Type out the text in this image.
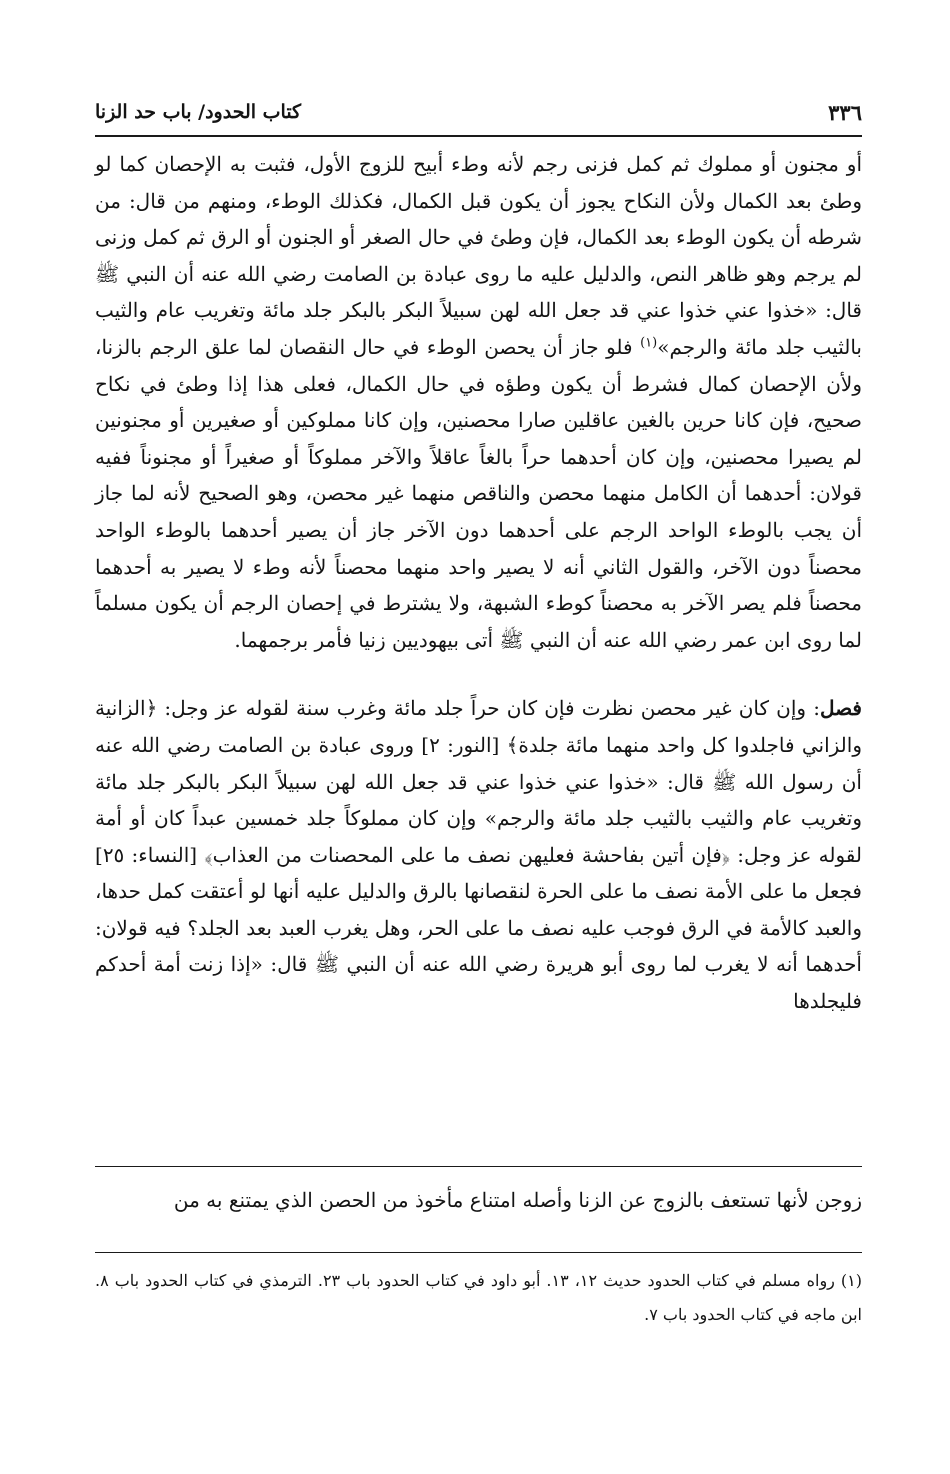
٣٣٦
كتاب الحدود/ باب حد الزنا

أو مجنون أو مملوك ثم كمل فزنى رجم لأنه وطء أبيح للزوج الأول، فثبت به الإحصان كما لو وطئ بعد الكمال ولأن النكاح يجوز أن يكون قبل الكمال، فكذلك الوطء، ومنهم من قال: من شرطه أن يكون الوطء بعد الكمال، فإن وطئ في حال الصغر أو الجنون أو الرق ثم كمل وزنى لم يرجم وهو ظاهر النص، والدليل عليه ما روى عبادة بن الصامت رضي الله عنه أن النبي ﷺ قال: «خذوا عني خذوا عني قد جعل الله لهن سبيلاً البكر بالبكر جلد مائة وتغريب عام والثيب بالثيب جلد مائة والرجم»$^{(١)}$ فلو جاز أن يحصن الوطء في حال النقصان لما علق الرجم بالزنا، ولأن الإحصان كمال فشرط أن يكون وطؤه في حال الكمال، فعلى هذا إذا وطئ في نكاح صحيح، فإن كانا حرين بالغين عاقلين صارا محصنين، وإن كانا مملوكين أو صغيرين أو مجنونين لم يصيرا محصنين، وإن كان أحدهما حراً بالغاً عاقلاً والآخر مملوكاً أو صغيراً أو مجنوناً ففيه قولان: أحدهما أن الكامل منهما محصن والناقص منهما غير محصن، وهو الصحيح لأنه لما جاز أن يجب بالوطء الواحد الرجم على أحدهما دون الآخر جاز أن يصير أحدهما بالوطء الواحد محصناً دون الآخر، والقول الثاني أنه لا يصير واحد منهما محصناً لأنه وطء لا يصير به أحدهما محصناً فلم يصر الآخر به محصناً كوطء الشبهة، ولا يشترط في إحصان الرجم أن يكون مسلماً لما روى ابن عمر رضي الله عنه أن النبي ﷺ أتى بيهوديين زنيا فأمر برجمهما.

فصل: وإن كان غير محصن نظرت فإن كان حراً جلد مائة وغرب سنة لقوله عز وجل: ﴿الزانية والزاني فاجلدوا كل واحد منهما مائة جلدة﴾ [النور: ٢] وروى عبادة بن الصامت رضي الله عنه أن رسول الله ﷺ قال: «خذوا عني خذوا عني قد جعل الله لهن سبيلاً البكر بالبكر جلد مائة وتغريب عام والثيب بالثيب جلد مائة والرجم» وإن كان مملوكاً جلد خمسين عبداً كان أو أمة لقوله عز وجل: ﴿فإن أتين بفاحشة فعليهن نصف ما على المحصنات من العذاب﴾ [النساء: ٢٥] فجعل ما على الأمة نصف ما على الحرة لنقصانها بالرق والدليل عليه أنها لو أعتقت كمل حدها، والعبد كالأمة في الرق فوجب عليه نصف ما على الحر، وهل يغرب العبد بعد الجلد؟ فيه قولان: أحدهما أنه لا يغرب لما روى أبو هريرة رضي الله عنه أن النبي ﷺ قال: «إذا زنت أمة أحدكم فليجلدها

زوجن لأنها تستعف بالزوج عن الزنا وأصله امتناع مأخوذ من الحصن الذي يمتنع به من
(١)رواه مسلم في كتاب الحدود حديث ١٢، ١٣. أبو داود في كتاب الحدود باب ٢٣. الترمذي في كتاب الحدود باب ٨. ابن ماجه في كتاب الحدود باب ٧.
